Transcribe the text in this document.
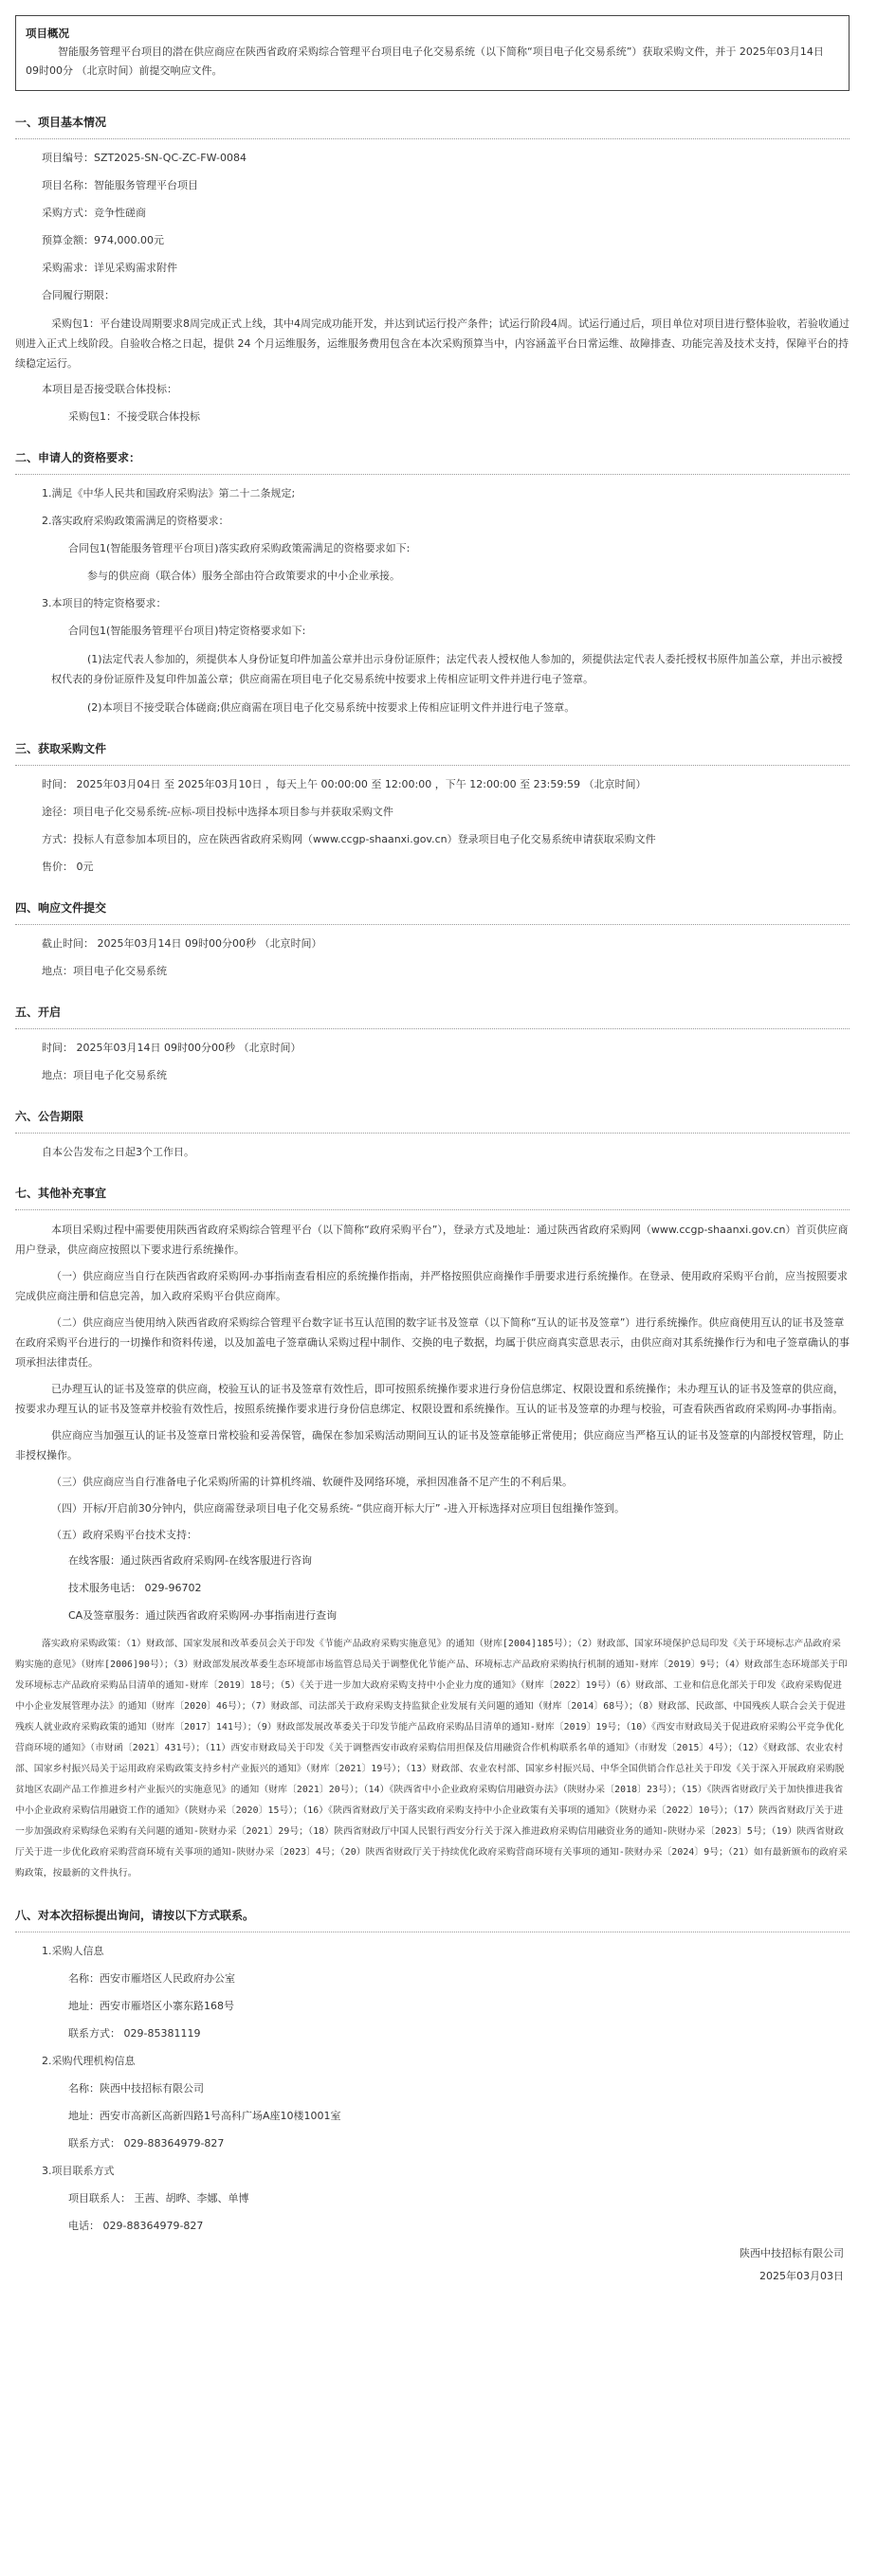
项目概况
智能服务管理平台项目的潜在供应商应在陕西省政府采购综合管理平台项目电子化交易系统（以下简称“项目电子化交易系统”）获取采购文件，并于 2025年03月14日 09时00分 （北京时间）前提交响应文件。
一、项目基本情况
项目编号：SZT2025-SN-QC-ZC-FW-0084
项目名称：智能服务管理平台项目
采购方式：竞争性磋商
预算金额：974,000.00元
采购需求：详见采购需求附件
合同履行期限：
采购包1：平台建设周期要求8周完成正式上线，其中4周完成功能开发，并达到试运行投产条件；试运行阶段4周。试运行通过后，项目单位对项目进行整体验收，若验收通过则进入正式上线阶段。自验收合格之日起，提供 24 个月运维服务，运维服务费用包含在本次采购预算当中，内容涵盖平台日常运维、故障排查、功能完善及技术支持，保障平台的持续稳定运行。
本项目是否接受联合体投标：
采购包1：不接受联合体投标
二、申请人的资格要求：
1.满足《中华人民共和国政府采购法》第二十二条规定;
2.落实政府采购政策需满足的资格要求：
合同包1(智能服务管理平台项目)落实政府采购政策需满足的资格要求如下:
参与的供应商（联合体）服务全部由符合政策要求的中小企业承接。
3.本项目的特定资格要求：
合同包1(智能服务管理平台项目)特定资格要求如下:
(1)法定代表人参加的，须提供本人身份证复印件加盖公章并出示身份证原件；法定代表人授权他人参加的，须提供法定代表人委托授权书原件加盖公章，并出示被授权代表的身份证原件及复印件加盖公章；供应商需在项目电子化交易系统中按要求上传相应证明文件并进行电子签章。
(2)本项目不接受联合体磋商;供应商需在项目电子化交易系统中按要求上传相应证明文件并进行电子签章。
三、获取采购文件
时间： 2025年03月04日 至 2025年03月10日 ，每天上午 00:00:00 至 12:00:00 ，下午 12:00:00 至 23:59:59 （北京时间）
途径：项目电子化交易系统-应标-项目投标中选择本项目参与并获取采购文件
方式：投标人有意参加本项目的，应在陕西省政府采购网（www.ccgp-shaanxi.gov.cn）登录项目电子化交易系统申请获取采购文件
售价： 0元
四、响应文件提交
截止时间： 2025年03月14日 09时00分00秒 （北京时间）
地点：项目电子化交易系统
五、开启
时间： 2025年03月14日 09时00分00秒 （北京时间）
地点：项目电子化交易系统
六、公告期限
自本公告发布之日起3个工作日。
七、其他补充事宜
本项目采购过程中需要使用陕西省政府采购综合管理平台（以下简称“政府采购平台”），登录方式及地址：通过陕西省政府采购网（www.ccgp-shaanxi.gov.cn）首页供应商用户登录，供应商应按照以下要求进行系统操作。
（一）供应商应当自行在陕西省政府采购网-办事指南查看相应的系统操作指南，并严格按照供应商操作手册要求进行系统操作。在登录、使用政府采购平台前，应当按照要求完成供应商注册和信息完善，加入政府采购平台供应商库。
（二）供应商应当使用纳入陕西省政府采购综合管理平台数字证书互认范围的数字证书及签章（以下简称“互认的证书及签章”）进行系统操作。供应商使用互认的证书及签章在政府采购平台进行的一切操作和资料传递，以及加盖电子签章确认采购过程中制作、交换的电子数据，均属于供应商真实意思表示，由供应商对其系统操作行为和电子签章确认的事项承担法律责任。
已办理互认的证书及签章的供应商，校验互认的证书及签章有效性后，即可按照系统操作要求进行身份信息绑定、权限设置和系统操作；未办理互认的证书及签章的供应商，按要求办理互认的证书及签章并校验有效性后，按照系统操作要求进行身份信息绑定、权限设置和系统操作。互认的证书及签章的办理与校验，可查看陕西省政府采购网-办事指南。
供应商应当加强互认的证书及签章日常校验和妥善保管，确保在参加采购活动期间互认的证书及签章能够正常使用；供应商应当严格互认的证书及签章的内部授权管理，防止非授权操作。
（三）供应商应当自行准备电子化采购所需的计算机终端、软硬件及网络环境，承担因准备不足产生的不利后果。
（四）开标/开启前30分钟内，供应商需登录项目电子化交易系统- “供应商开标大厅” -进入开标选择对应项目包组操作签到。
（五）政府采购平台技术支持：
在线客服：通过陕西省政府采购网-在线客服进行咨询
技术服务电话： 029-96702
CA及签章服务：通过陕西省政府采购网-办事指南进行查询
落实政府采购政策：（1）财政部、国家发展和改革委员会关于印发《节能产品政府采购实施意见》的通知（财库[2004]185号）；（2）财政部、国家环境保护总局印发《关于环境标志产品政府采购实施的意见》（财库[2006]90号）；（3）财政部发展改革委生态环境部市场监管总局关于调整优化节能产品、环境标志产品政府采购执行机制的通知-财库〔2019〕9号；（4）财政部生态环境部关于印发环境标志产品政府采购品目清单的通知-财库〔2019〕18号；（5）《关于进一步加大政府采购支持中小企业力度的通知》（财库〔2022〕19号）（6）财政部、工业和信息化部关于印发《政府采购促进中小企业发展管理办法》的通知（财库〔2020〕46号）；（7）财政部、司法部关于政府采购支持监狱企业发展有关问题的通知（财库〔2014〕68号）；（8）财政部、民政部、中国残疾人联合会关于促进残疾人就业政府采购政策的通知（财库〔2017〕141号）；（9）财政部发展改革委关于印发节能产品政府采购品目清单的通知-财库〔2019〕19号；（10）《西安市财政局关于促进政府采购公平竞争优化营商环境的通知》（市财函〔2021〕431号）；（11）西安市财政局关于印发《关于调整西安市政府采购信用担保及信用融资合作机构联系名单的通知》（市财发〔2015〕4号）；（12）《财政部、农业农村部、国家乡村振兴局关于运用政府采购政策支持乡村产业振兴的通知》（财库〔2021〕19号）；（13）财政部、农业农村部、国家乡村振兴局、中华全国供销合作总社关于印发《关于深入开展政府采购脱贫地区农副产品工作推进乡村产业振兴的实施意见》的通知（财库〔2021〕20号）；（14）《陕西省中小企业政府采购信用融资办法》（陕财办采〔2018〕23号）；（15）《陕西省财政厅关于加快推进我省中小企业政府采购信用融资工作的通知》（陕财办采〔2020〕15号）；（16）《陕西省财政厅关于落实政府采购支持中小企业政策有关事项的通知》（陕财办采〔2022〕10号）；（17）陕西省财政厅关于进一步加强政府采购绿色采购有关问题的通知-陕财办采〔2021〕29号；（18）陕西省财政厅中国人民银行西安分行关于深入推进政府采购信用融资业务的通知-陕财办采〔2023〕5号；（19）陕西省财政厅关于进一步优化政府采购营商环境有关事项的通知-陕财办采〔2023〕4号；（20）陕西省财政厅关于持续优化政府采购营商环境有关事项的通知-陕财办采〔2024〕9号；（21）如有最新颁布的政府采购政策，按最新的文件执行。
八、对本次招标提出询问，请按以下方式联系。
1.采购人信息
名称：西安市雁塔区人民政府办公室
地址：西安市雁塔区小寨东路168号
联系方式： 029-85381119
2.采购代理机构信息
名称：陕西中技招标有限公司
地址：西安市高新区高新四路1号高科广场A座10楼1001室
联系方式： 029-88364979-827
3.项目联系方式
项目联系人： 王茜、胡晔、李娜、单博
电话： 029-88364979-827
陕西中技招标有限公司
2025年03月03日
